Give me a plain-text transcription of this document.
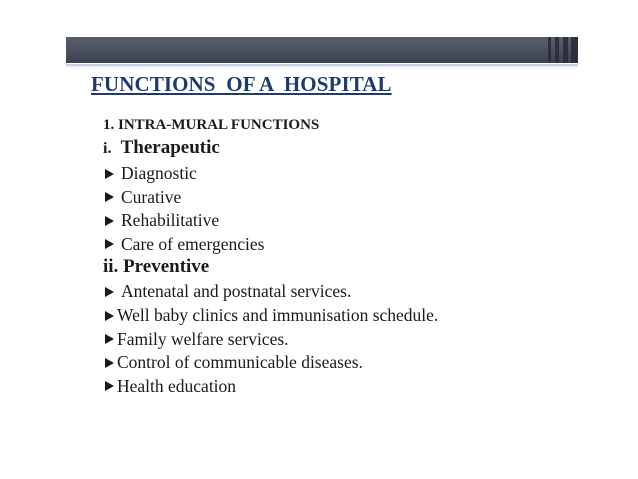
FUNCTIONS  OF A  HOSPITAL
1. INTRA-MURAL FUNCTIONS
i. Therapeutic
Diagnostic
Curative
Rehabilitative
Care of emergencies
ii. Preventive
Antenatal and postnatal services.
Well baby clinics and immunisation schedule.
Family welfare services.
Control of communicable diseases.
Health education
